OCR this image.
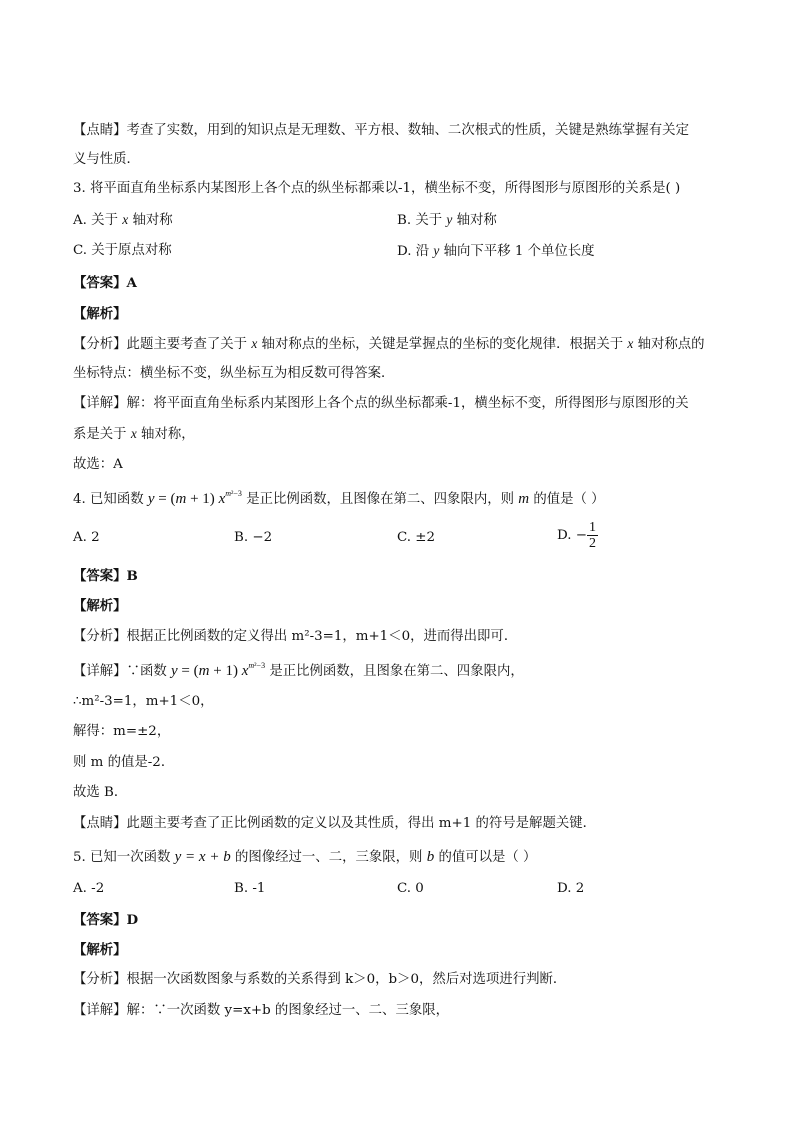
【点睛】考查了实数，用到的知识点是无理数、平方根、数轴、二次根式的性质，关键是熟练掌握有关定
义与性质．
3. 将平面直角坐标系内某图形上各个点的纵坐标都乘以-1，横坐标不变，所得图形与原图形的关系是( )
A. 关于 x 轴对称	B. 关于 y 轴对称
C. 关于原点对称	D. 沿 y 轴向下平移 1 个单位长度
【答案】A
【解析】
【分析】此题主要考查了关于 x 轴对称点的坐标，关键是掌握点的坐标的变化规律．根据关于 x 轴对称点的
坐标特点：横坐标不变，纵坐标互为相反数可得答案．
【详解】解：将平面直角坐标系内某图形上各个点的纵坐标都乘-1，横坐标不变，所得图形与原图形的关
系是关于 x 轴对称，
故选：A
4. 已知函数 y = (m + 1) $x^{m^2-3}$ 是正比例函数，且图像在第二、四象限内，则 m 的值是（ ）
A. 2	B. −2	C. ±2	D. − $\frac{1}{2}$
【答案】B
【解析】
【分析】根据正比例函数的定义得出 m²-3=1，m+1＜0，进而得出即可．
【详解】∵函数 y = (m + 1) $x^{m^2-3}$ 是正比例函数，且图象在第二、四象限内，
∴m²-3=1，m+1＜0，
解得：m=±2，
则 m 的值是-2．
故选 B．
【点睛】此题主要考查了正比例函数的定义以及其性质，得出 m+1 的符号是解题关键．
5. 已知一次函数 y = x + b 的图像经过一、二，三象限，则 b 的值可以是（ ）
A. -2	B. -1	C. 0	D. 2
【答案】D
【解析】
【分析】根据一次函数图象与系数的关系得到 k＞0，b＞0，然后对选项进行判断．
【详解】解：∵一次函数 y=x+b 的图象经过一、二、三象限，
